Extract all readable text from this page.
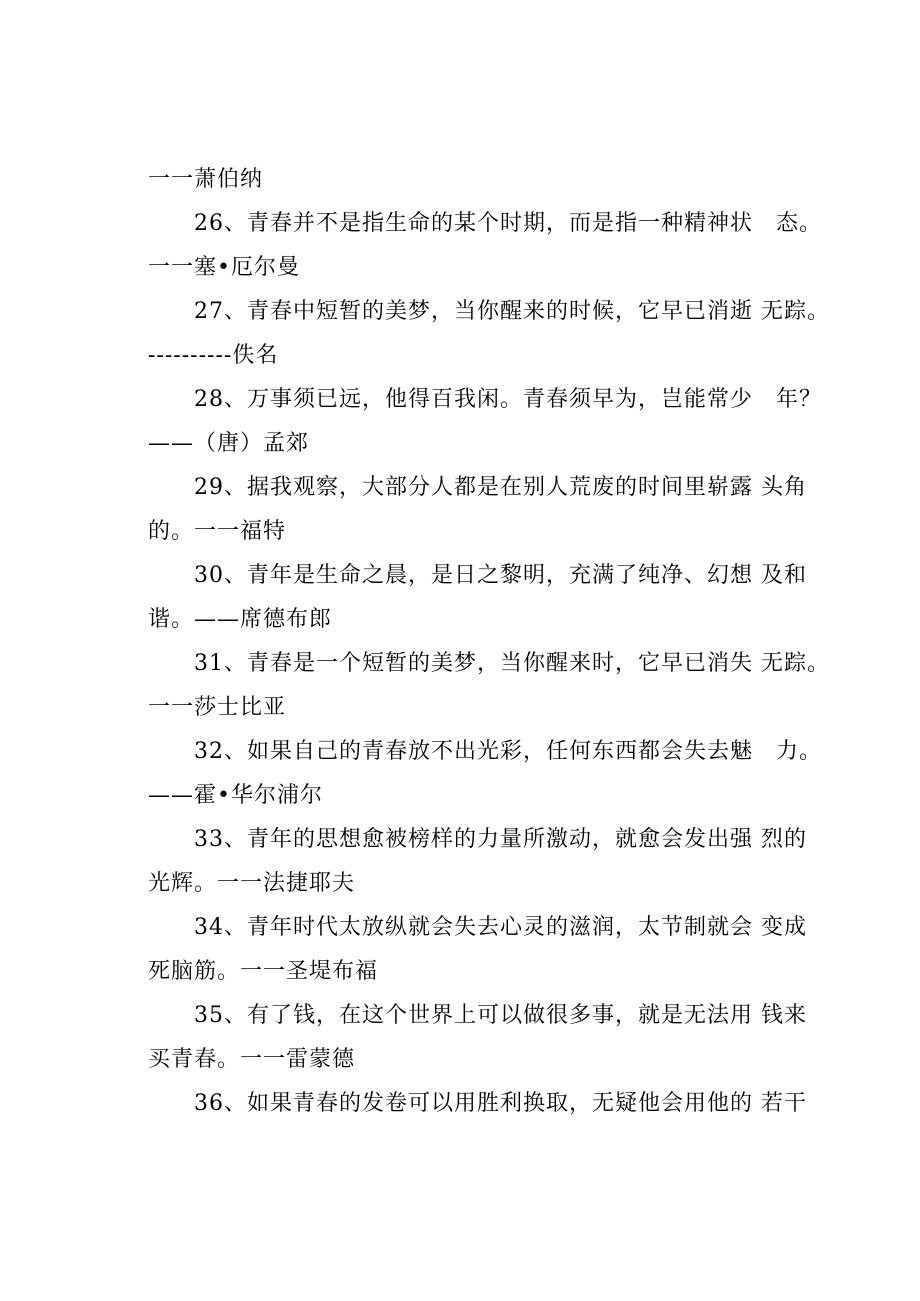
一一萧伯纳
26、青春并不是指生命的某个时期，而是指一种精神状　态。
一一塞•厄尔曼
27、青春中短暂的美梦，当你醒来的时候，它早已消逝 无踪。
----------佚名
28、万事须已远，他得百我闲。青春须早为，岂能常少　年？
——（唐）孟郊
29、据我观察，大部分人都是在别人荒废的时间里崭露 头角
的。一一福特
30、青年是生命之晨，是日之黎明，充满了纯净、幻想 及和
谐。——席德布郎
31、青春是一个短暂的美梦，当你醒来时，它早已消失 无踪。
一一莎士比亚
32、如果自己的青春放不出光彩，任何东西都会失去魅　力。
——霍•华尔浦尔
33、青年的思想愈被榜样的力量所激动，就愈会发出强 烈的
光辉。一一法捷耶夫
34、青年时代太放纵就会失去心灵的滋润，太节制就会 变成
死脑筋。一一圣堤布福
35、有了钱，在这个世界上可以做很多事，就是无法用 钱来
买青春。一一雷蒙德
36、如果青春的发卷可以用胜利换取，无疑他会用他的 若干
